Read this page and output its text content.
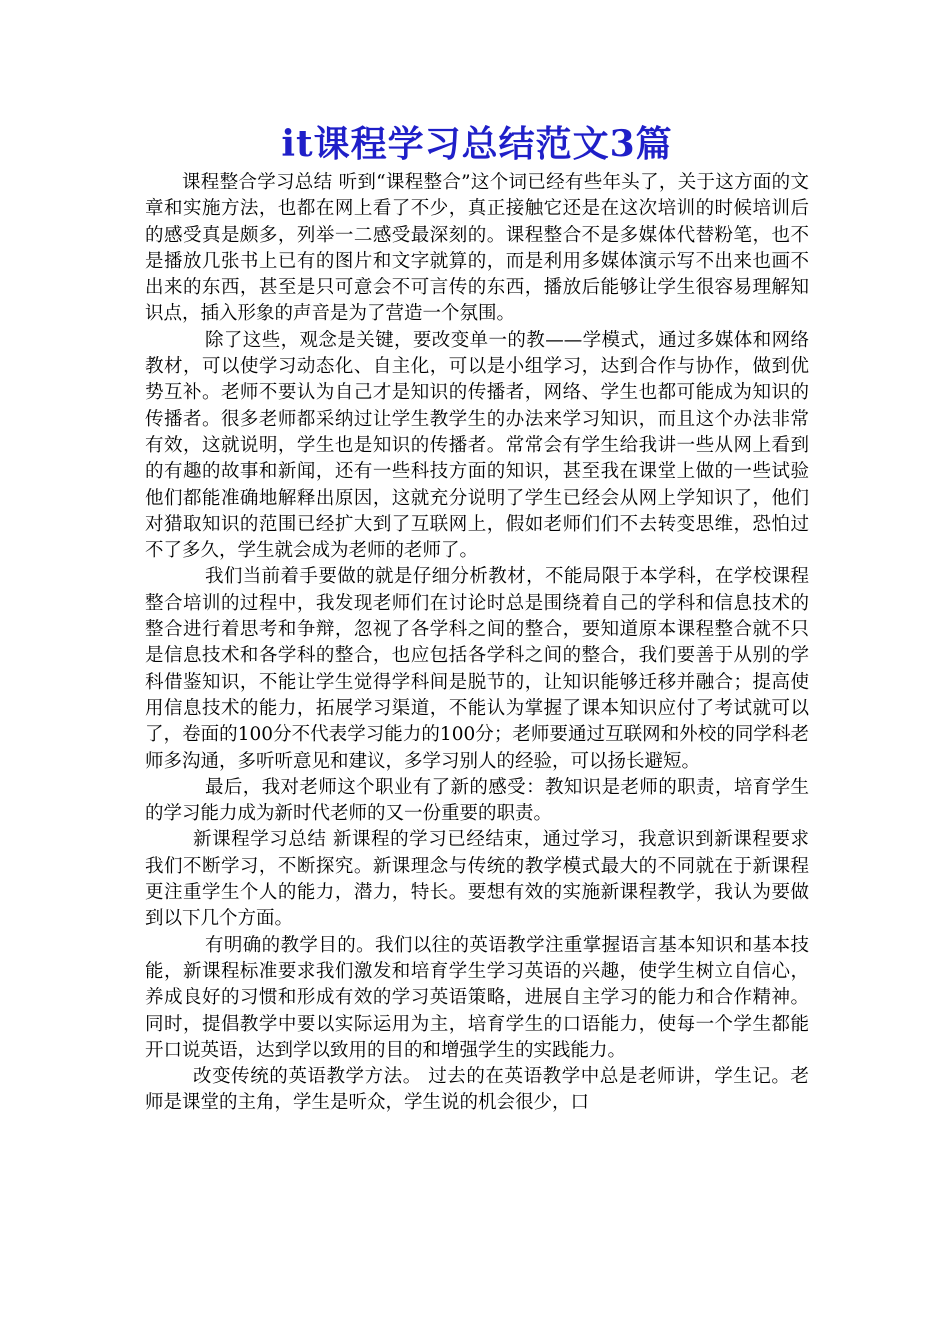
it课程学习总结范文3篇

课程整合学习总结 听到“课程整合”这个词已经有些年头了，关于这方面的文章和实施方法，也都在网上看了不少，真正接触它还是在这次培训的时候培训后的感受真是颇多，列举一二感受最深刻的。课程整合不是多媒体代替粉笔，也不是播放几张书上已有的图片和文字就算的，而是利用多媒体演示写不出来也画不出来的东西，甚至是只可意会不可言传的东西，播放后能够让学生很容易理解知识点，插入形象的声音是为了营造一个氛围。

除了这些，观念是关键，要改变单一的教——学模式，通过多媒体和网络教材，可以使学习动态化、自主化，可以是小组学习，达到合作与协作，做到优势互补。老师不要认为自己才是知识的传播者，网络、学生也都可能成为知识的传播者。很多老师都采纳过让学生教学生的办法来学习知识，而且这个办法非常有效，这就说明，学生也是知识的传播者。常常会有学生给我讲一些从网上看到的有趣的故事和新闻，还有一些科技方面的知识，甚至我在课堂上做的一些试验他们都能准确地解释出原因，这就充分说明了学生已经会从网上学知识了，他们对猎取知识的范围已经扩大到了互联网上，假如老师们们不去转变思维，恐怕过不了多久，学生就会成为老师的老师了。

我们当前着手要做的就是仔细分析教材，不能局限于本学科，在学校课程整合培训的过程中，我发现老师们在讨论时总是围绕着自己的学科和信息技术的整合进行着思考和争辩，忽视了各学科之间的整合，要知道原本课程整合就不只是信息技术和各学科的整合，也应包括各学科之间的整合，我们要善于从别的学科借鉴知识，不能让学生觉得学科间是脱节的，让知识能够迁移并融合；提高使用信息技术的能力，拓展学习渠道，不能认为掌握了课本知识应付了考试就可以了，卷面的100分不代表学习能力的100分；老师要通过互联网和外校的同学科老师多沟通，多听听意见和建议，多学习别人的经验，可以扬长避短。

最后，我对老师这个职业有了新的感受：教知识是老师的职责，培育学生的学习能力成为新时代老师的又一份重要的职责。

新课程学习总结 新课程的学习已经结束，通过学习，我意识到新课程要求我们不断学习，不断探究。新课理念与传统的教学模式最大的不同就在于新课程更注重学生个人的能力，潜力，特长。要想有效的实施新课程教学，我认为要做到以下几个方面。

有明确的教学目的。我们以往的英语教学注重掌握语言基本知识和基本技能，新课程标准要求我们激发和培育学生学习英语的兴趣，使学生树立自信心，养成良好的习惯和形成有效的学习英语策略，进展自主学习的能力和合作精神。同时，提倡教学中要以实际运用为主，培育学生的口语能力，使每一个学生都能开口说英语，达到学以致用的目的和增强学生的实践能力。

改变传统的英语教学方法。 过去的在英语教学中总是老师讲，学生记。老师是课堂的主角，学生是听众，学生说的机会很少，口
